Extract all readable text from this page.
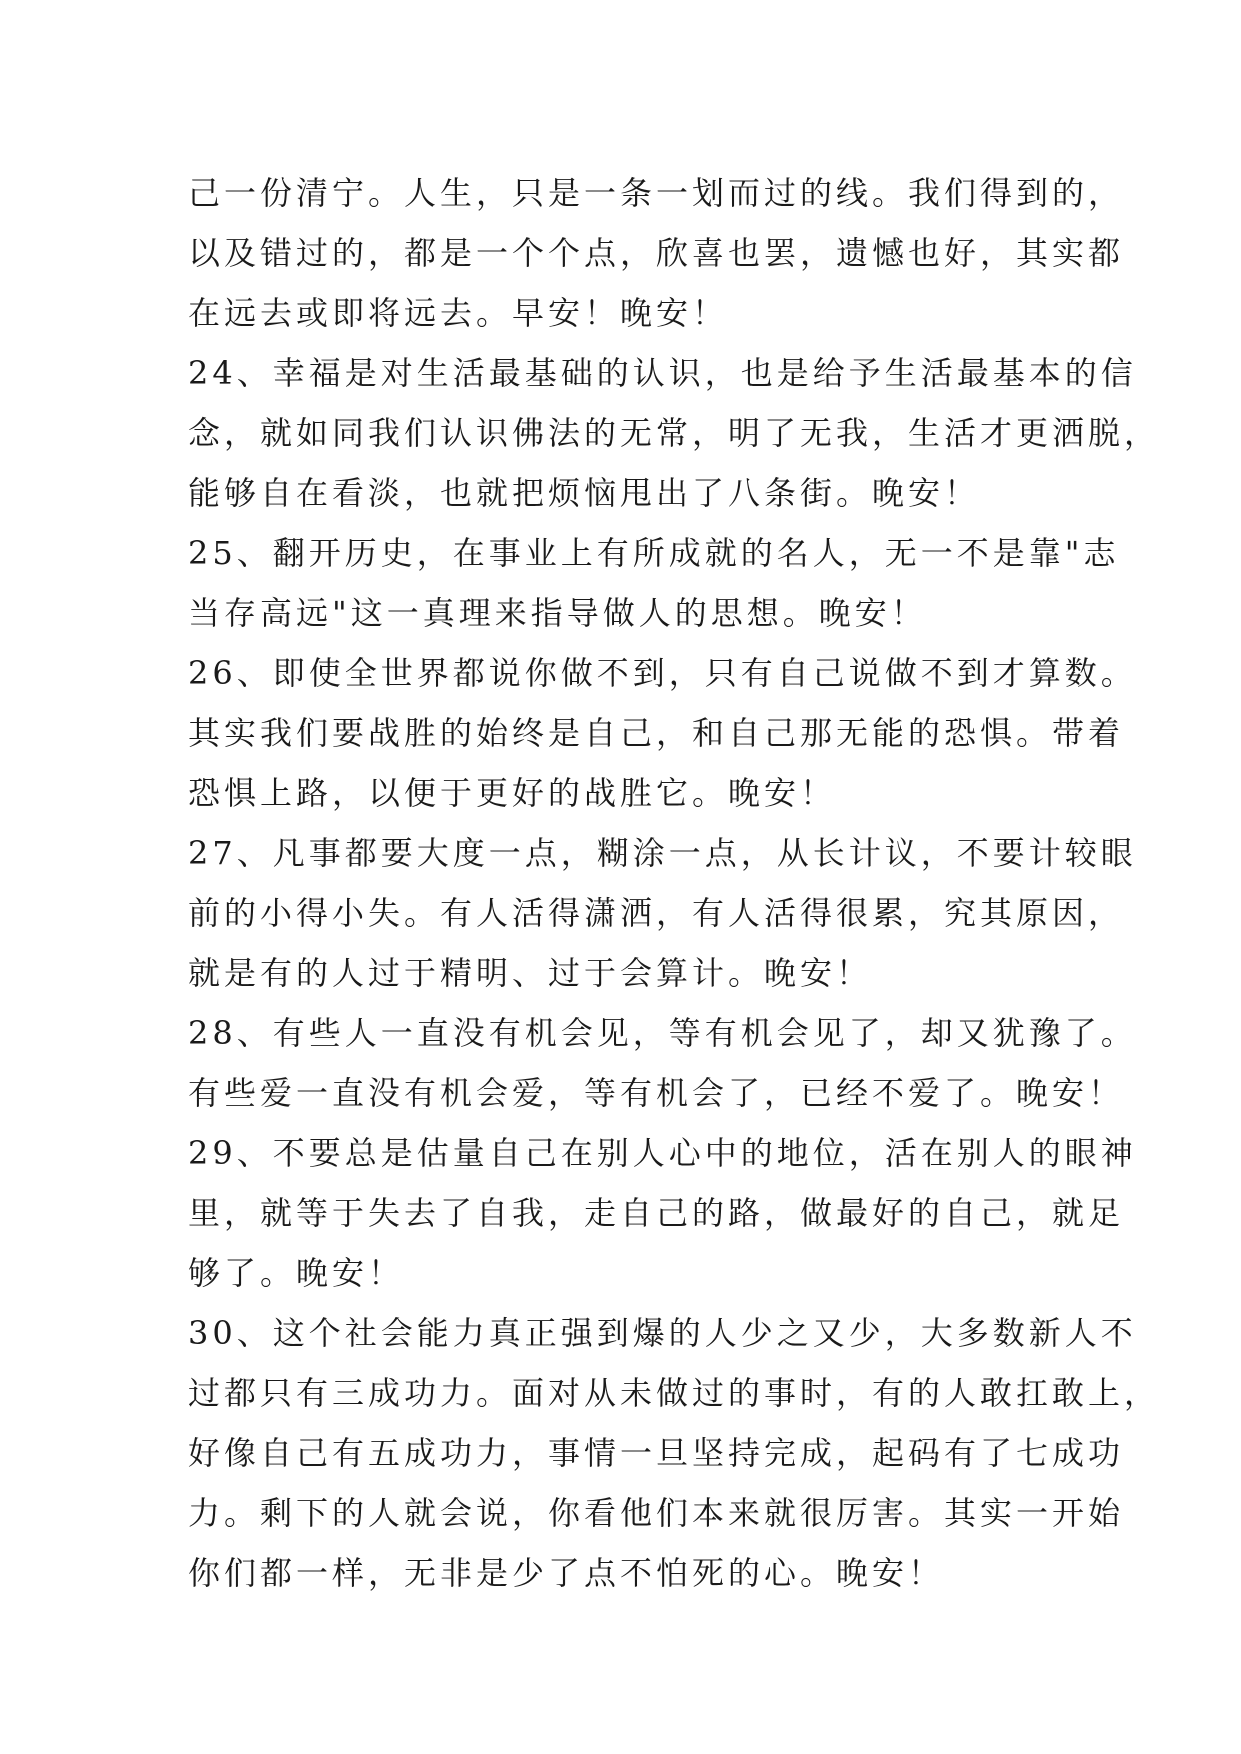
己一份清宁。人生，只是一条一划而过的线。我们得到的，
以及错过的，都是一个个点，欣喜也罢，遗憾也好，其实都
在远去或即将远去。早安！晚安！
24、幸福是对生活最基础的认识，也是给予生活最基本的信
念，就如同我们认识佛法的无常，明了无我，生活才更洒脱，
能够自在看淡，也就把烦恼甩出了八条街。晚安！
25、翻开历史，在事业上有所成就的名人，无一不是靠"志
当存高远"这一真理来指导做人的思想。晚安！
26、即使全世界都说你做不到，只有自己说做不到才算数。
其实我们要战胜的始终是自己，和自己那无能的恐惧。带着
恐惧上路，以便于更好的战胜它。晚安！
27、凡事都要大度一点，糊涂一点，从长计议，不要计较眼
前的小得小失。有人活得潇洒，有人活得很累，究其原因，
就是有的人过于精明、过于会算计。晚安！
28、有些人一直没有机会见，等有机会见了，却又犹豫了。
有些爱一直没有机会爱，等有机会了，已经不爱了。晚安！
29、不要总是估量自己在别人心中的地位，活在别人的眼神
里，就等于失去了自我，走自己的路，做最好的自己，就足
够了。晚安！
30、这个社会能力真正强到爆的人少之又少，大多数新人不
过都只有三成功力。面对从未做过的事时，有的人敢扛敢上，
好像自己有五成功力，事情一旦坚持完成，起码有了七成功
力。剩下的人就会说，你看他们本来就很厉害。其实一开始
你们都一样，无非是少了点不怕死的心。晚安！
